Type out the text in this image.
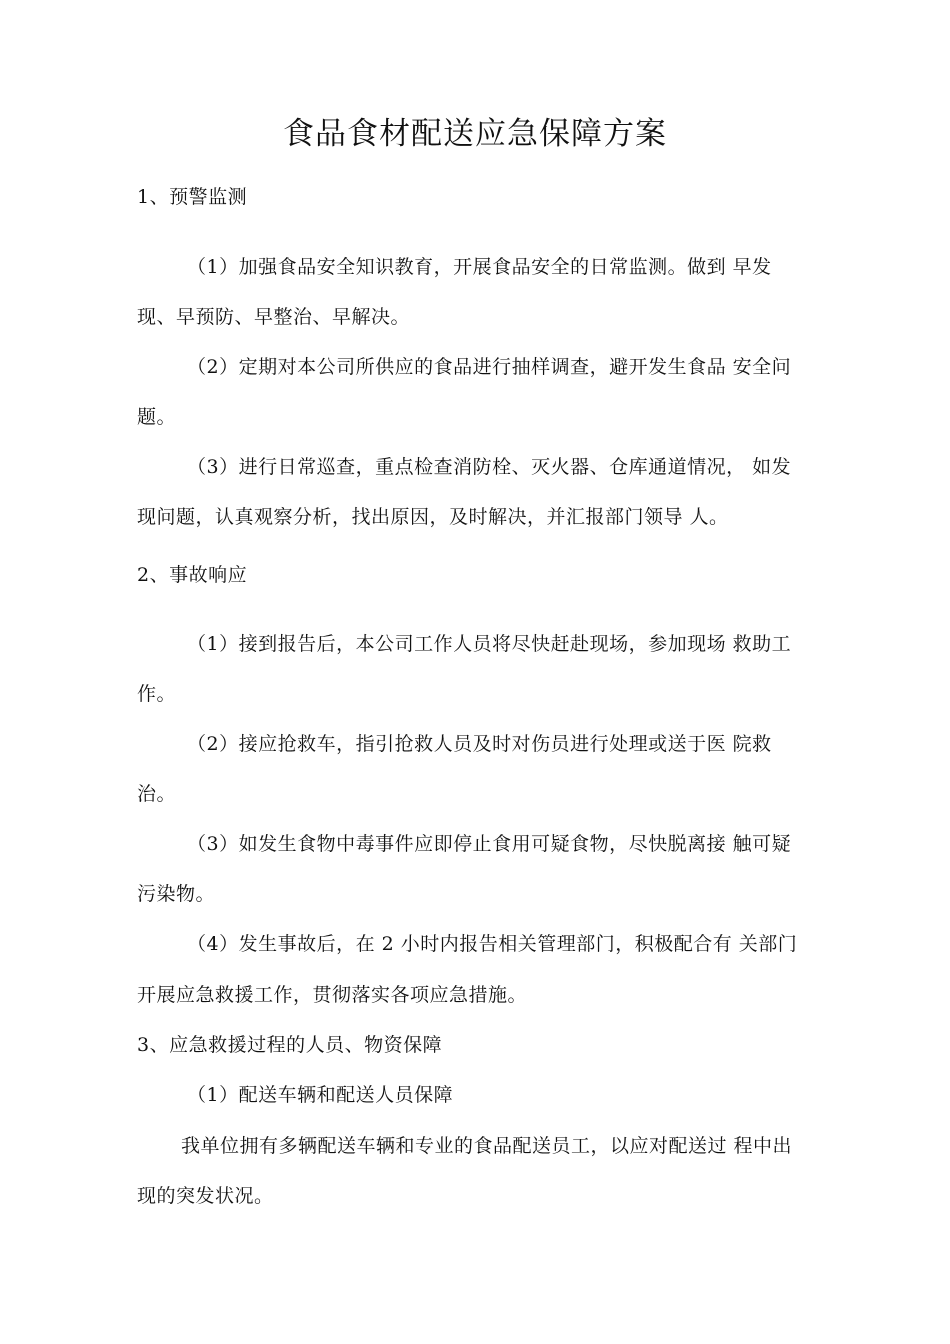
食品食材配送应急保障方案

1、预警监测

（1）加强食品安全知识教育，开展食品安全的日常监测。做到 早发

现、早预防、早整治、早解决。

（2）定期对本公司所供应的食品进行抽样调查，避开发生食品 安全问

题。

（3）进行日常巡查，重点检查消防栓、灭火器、仓库通道情况， 如发

现问题，认真观察分析，找出原因，及时解决，并汇报部门领导 人。

2、事故响应

（1）接到报告后，本公司工作人员将尽快赶赴现场，参加现场 救助工

作。

（2）接应抢救车，指引抢救人员及时对伤员进行处理或送于医 院救

治。

（3）如发生食物中毒事件应即停止食用可疑食物，尽快脱离接 触可疑

污染物。

（4）发生事故后，在 2 小时内报告相关管理部门，积极配合有 关部门

开展应急救援工作，贯彻落实各项应急措施。

3、应急救援过程的人员、物资保障

（1）配送车辆和配送人员保障

我单位拥有多辆配送车辆和专业的食品配送员工，以应对配送过 程中出

现的突发状况。
